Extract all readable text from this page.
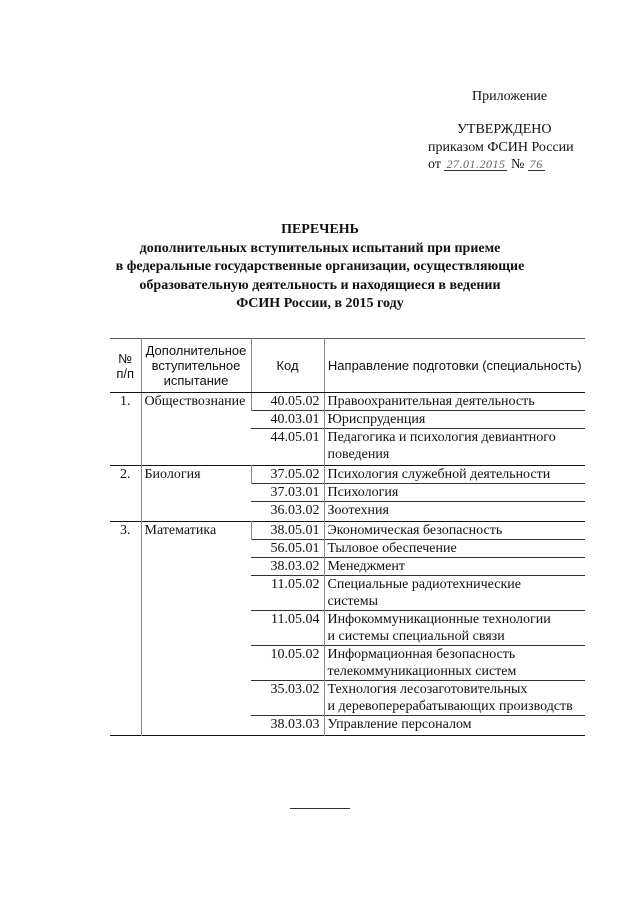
Приложение
УТВЕРЖДЕНО
приказом ФСИН России
от 27.01.2015 № 76
ПЕРЕЧЕНЬ
дополнительных вступительных испытаний при приеме
в федеральные государственные организации, осуществляющие
образовательную деятельность и находящиеся в ведении
ФСИН России, в 2015 году
№ п/п	Дополнительное вступительное испытание	Код	Направление подготовки (специальность)
1.	Обществознание	40.05.02	Правоохранительная деятельность

		40.03.01	Юриспруденция

		44.05.01	Педагогика и психология девиантного
поведения

2.	Биология	37.05.02	Психология служебной деятельности

		37.03.01	Психология

		36.03.02	Зоотехния

3.	Математика	38.05.01	Экономическая безопасность

		56.05.01	Тыловое обеспечение

		38.03.02	Менеджмент

		11.05.02	Специальные радиотехнические
системы

		11.05.04	Инфокоммуникационные технологии
и системы специальной связи

		10.05.02	Информационная безопасность
телекоммуникационных систем

		35.03.02	Технология лесозаготовительных
и деревоперерабатывающих производств

		38.03.03	Управление персоналом
